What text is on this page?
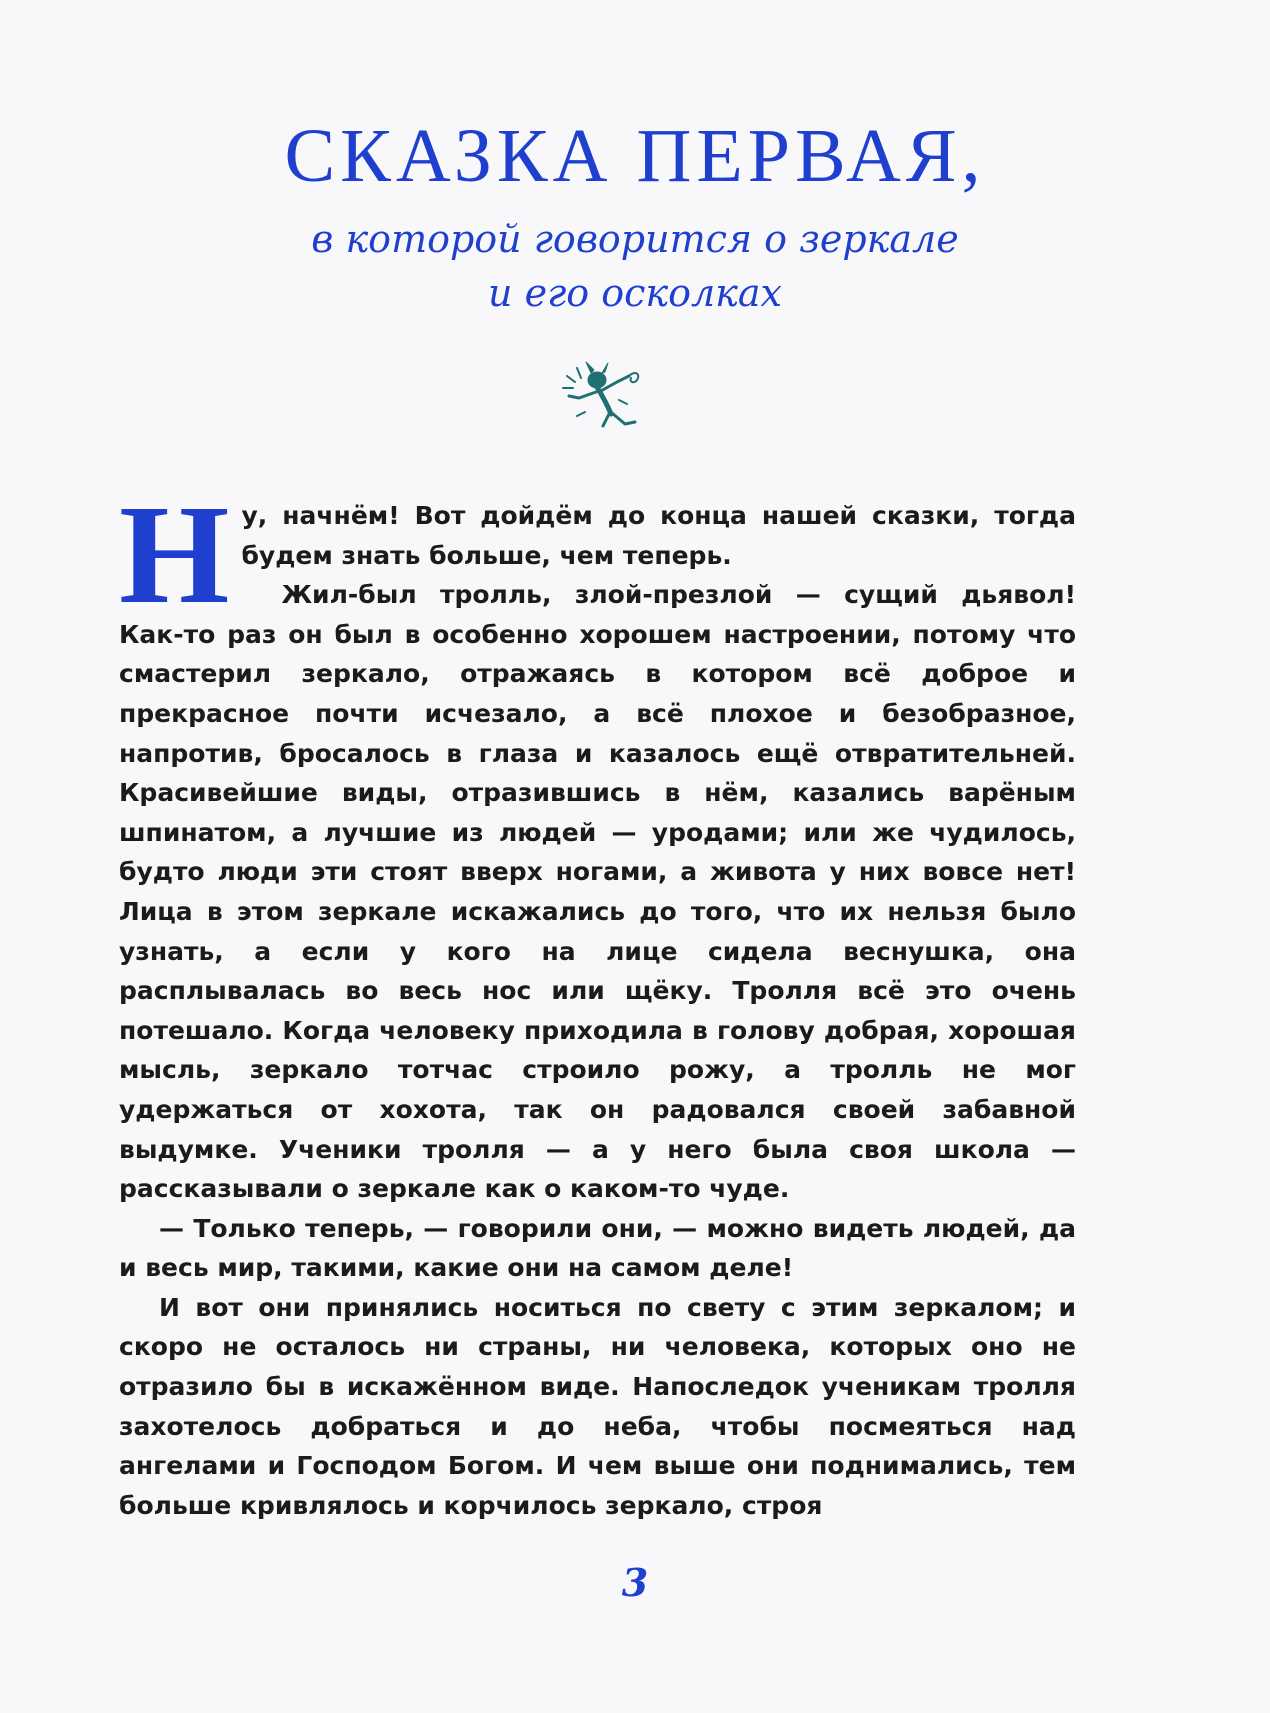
СКАЗКА ПЕРВАЯ,
в которой говорится о зеркале
и его осколках

Ну, начнём! Вот дойдём до конца нашей сказки, тогда будем знать больше, чем теперь.

Жил-был тролль, злой-презлой — сущий дьявол! Как-то раз он был в особенно хорошем настроении, потому что смастерил зеркало, отражаясь в котором всё доброе и прекрасное почти исчезало, а всё плохое и безобразное, напротив, бросалось в глаза и казалось ещё отвратительней. Красивейшие виды, отразившись в нём, казались варёным шпинатом, а лучшие из людей — уродами; или же чудилось, будто люди эти стоят вверх ногами, а живота у них вовсе нет! Лица в этом зеркале искажались до того, что их нельзя было узнать, а если у кого на лице сидела веснушка, она расплывалась во весь нос или щёку. Тролля всё это очень потешало. Когда человеку приходила в голову добрая, хорошая мысль, зеркало тотчас строило рожу, а тролль не мог удержаться от хохота, так он радовался своей забавной выдумке. Ученики тролля — а у него была своя школа — рассказывали о зеркале как о каком-то чуде.

— Только теперь, — говорили они, — можно видеть людей, да и весь мир, такими, какие они на самом деле!

И вот они принялись носиться по свету с этим зеркалом; и скоро не осталось ни страны, ни человека, которых оно не отразило бы в искажённом виде. Напоследок ученикам тролля захотелось добраться и до неба, чтобы посмеяться над ангелами и Господом Богом. И чем выше они поднимались, тем больше кривлялось и корчилось зеркало, строя

3
